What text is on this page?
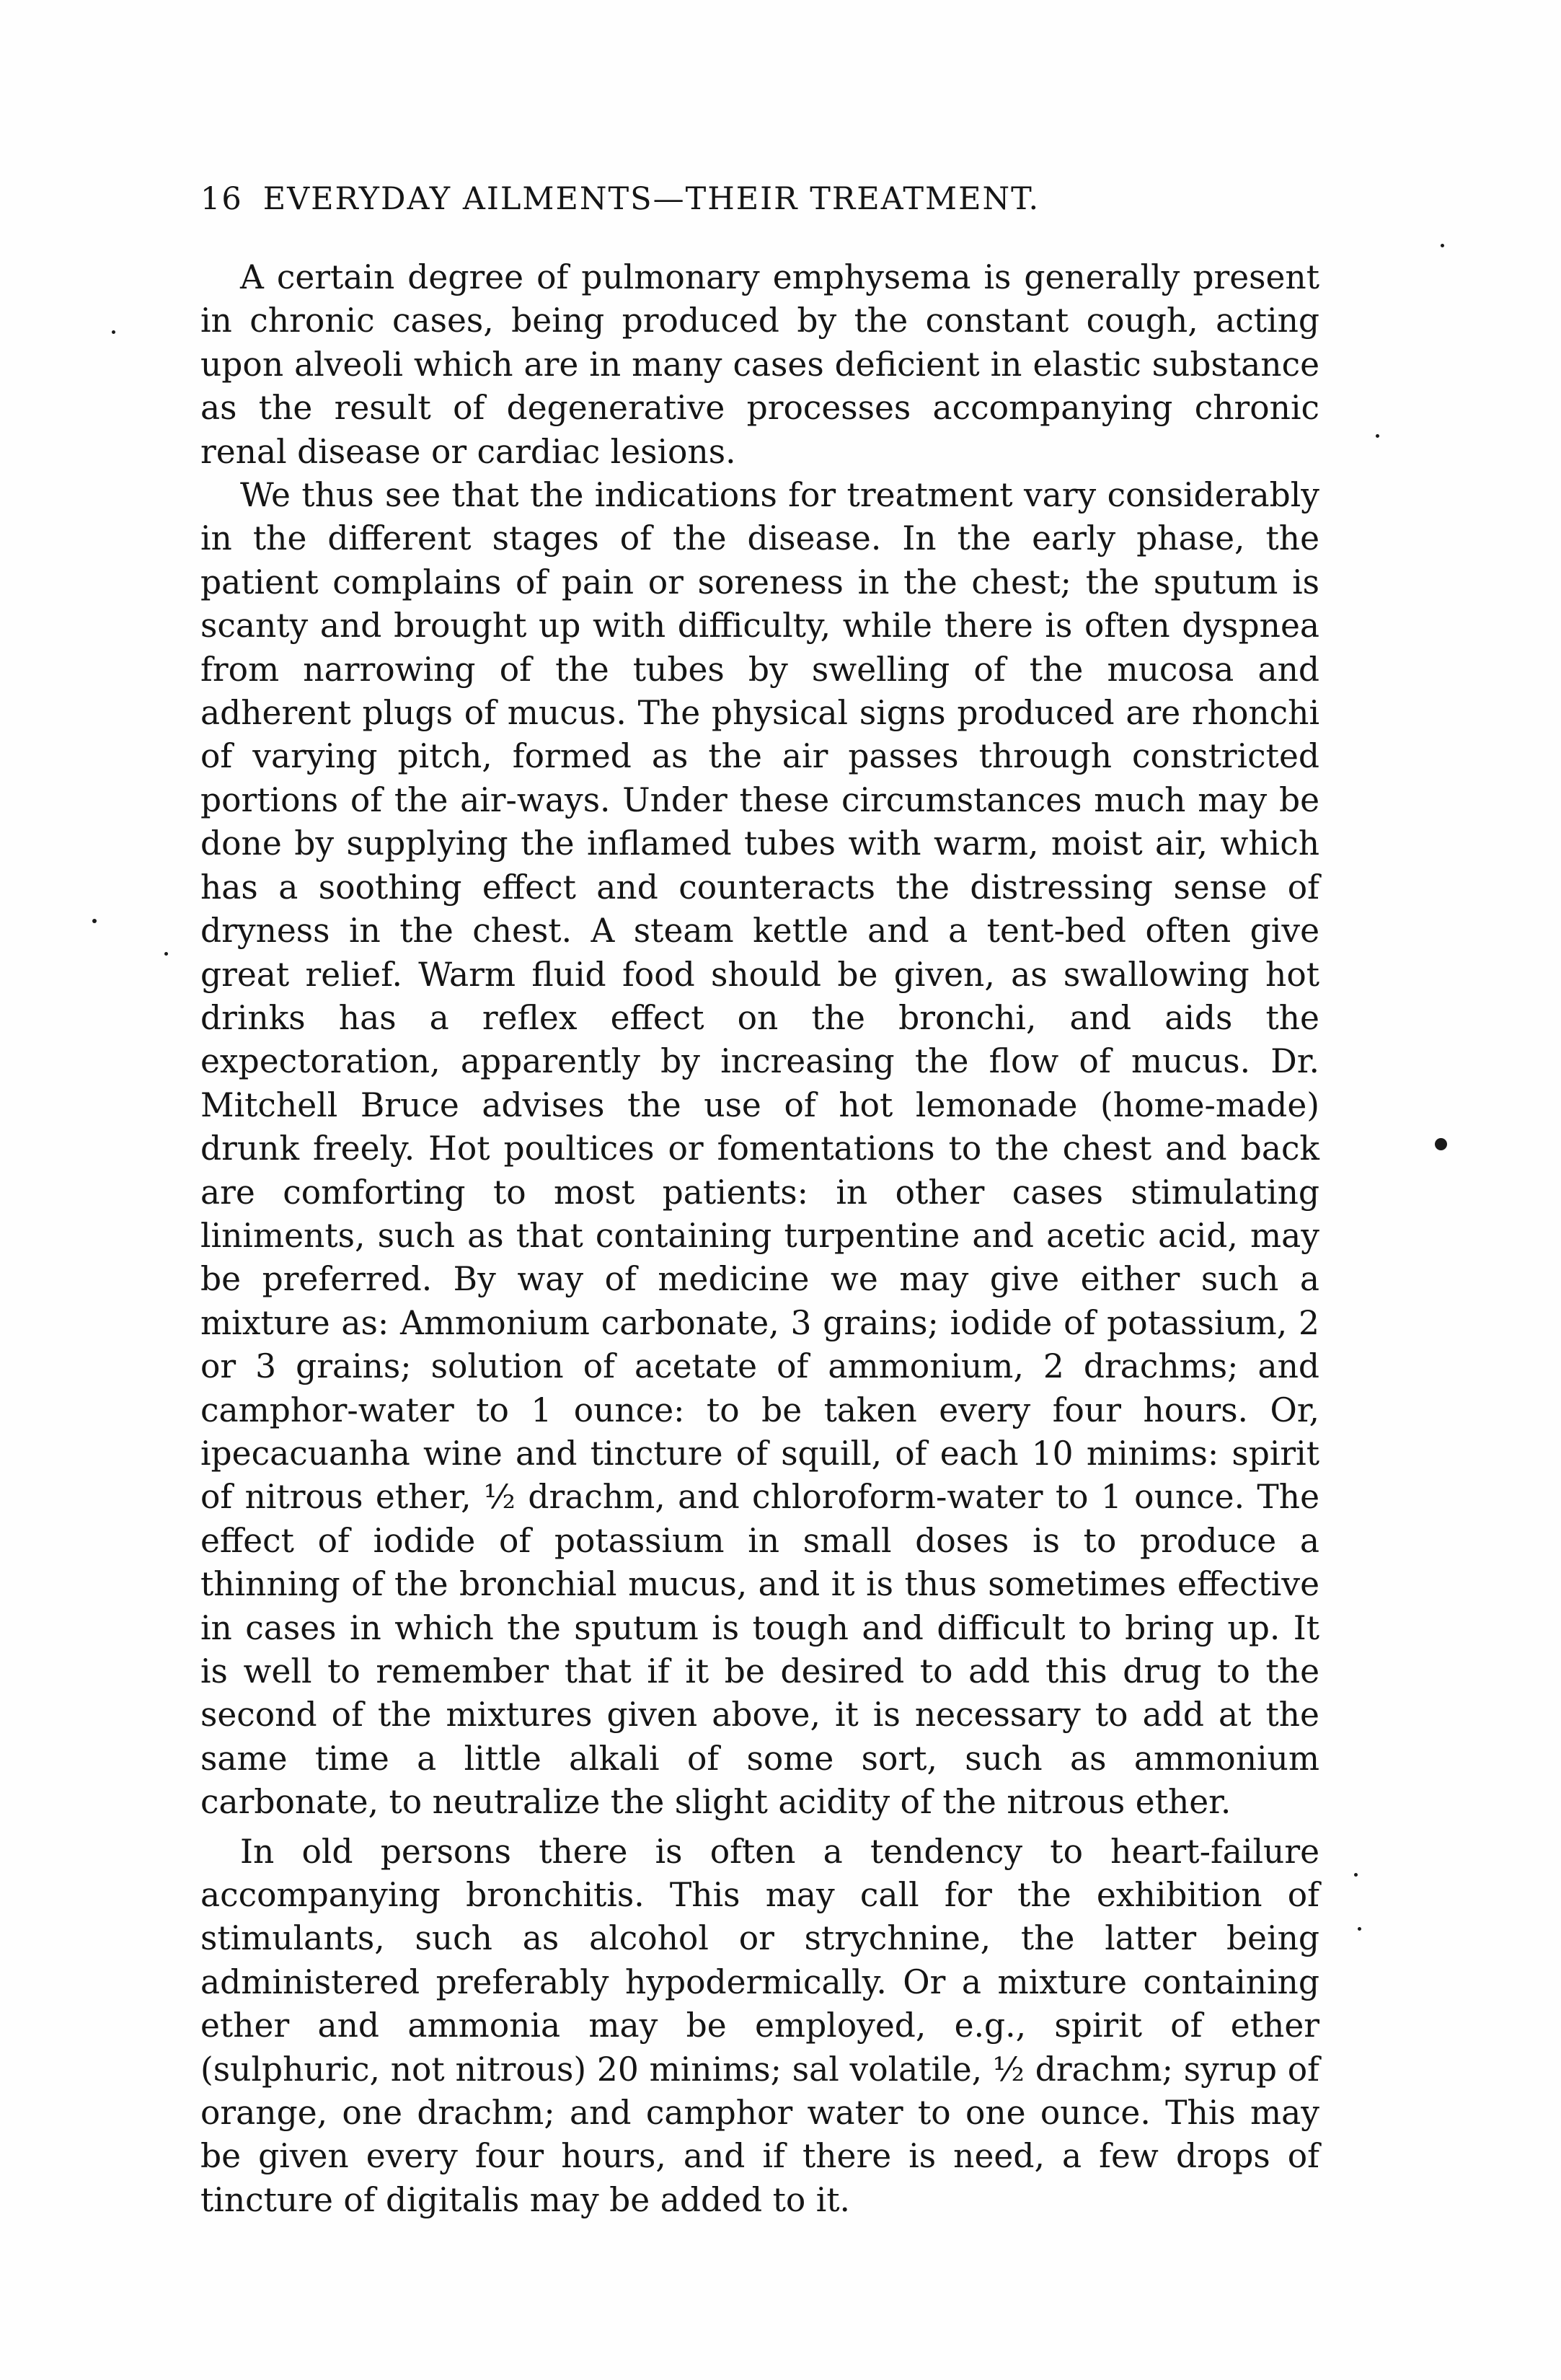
16 EVERYDAY AILMENTS—THEIR TREATMENT.

A certain degree of pulmonary emphysema is generally present in chronic cases, being produced by the constant cough, acting upon alveoli which are in many cases deficient in elastic substance as the result of degenerative processes accompanying chronic renal disease or cardiac lesions.

We thus see that the indications for treatment vary considerably in the different stages of the disease. In the early phase, the patient complains of pain or soreness in the chest; the sputum is scanty and brought up with difficulty, while there is often dyspnea from narrowing of the tubes by swelling of the mucosa and adherent plugs of mucus. The physical signs produced are rhonchi of varying pitch, formed as the air passes through constricted portions of the air-ways. Under these circumstances much may be done by supplying the inflamed tubes with warm, moist air, which has a soothing effect and counteracts the distressing sense of dryness in the chest. A steam kettle and a tent-bed often give great relief. Warm fluid food should be given, as swallowing hot drinks has a reflex effect on the bronchi, and aids the expectoration, apparently by increasing the flow of mucus. Dr. Mitchell Bruce advises the use of hot lemonade (home-made) drunk freely. Hot poultices or fomentations to the chest and back are comforting to most patients: in other cases stimulating liniments, such as that containing turpentine and acetic acid, may be preferred. By way of medicine we may give either such a mixture as: Ammonium carbonate, 3 grains; iodide of potassium, 2 or 3 grains; solution of acetate of ammonium, 2 drachms; and camphor-water to 1 ounce: to be taken every four hours. Or, ipecacuanha wine and tincture of squill, of each 10 minims: spirit of nitrous ether, ½ drachm, and chloroform-water to 1 ounce. The effect of iodide of potassium in small doses is to produce a thinning of the bronchial mucus, and it is thus sometimes effective in cases in which the sputum is tough and difficult to bring up. It is well to remember that if it be desired to add this drug to the second of the mixtures given above, it is necessary to add at the same time a little alkali of some sort, such as ammonium carbonate, to neutralize the slight acidity of the nitrous ether.

In old persons there is often a tendency to heart-failure accompanying bronchitis. This may call for the exhibition of stimulants, such as alcohol or strychnine, the latter being administered preferably hypodermically. Or a mixture containing ether and ammonia may be employed, e.g., spirit of ether (sulphuric, not nitrous) 20 minims; sal volatile, ½ drachm; syrup of orange, one drachm; and camphor water to one ounce. This may be given every four hours, and if there is need, a few drops of tincture of digitalis may be added to it.
